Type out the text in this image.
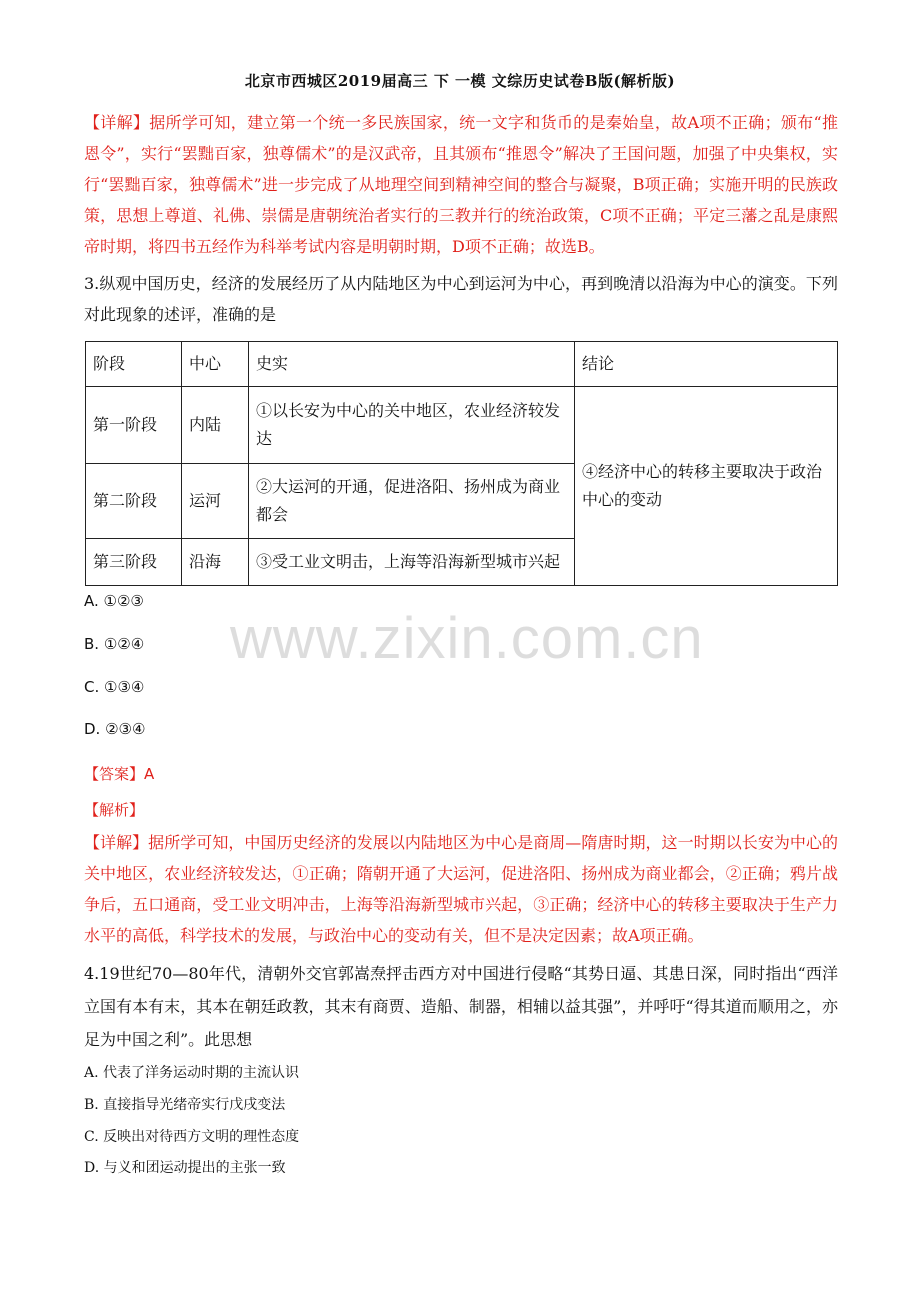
北京市西城区2019届高三 下 一模 文综历史试卷B版(解析版)
【详解】据所学可知，建立第一个统一多民族国家，统一文字和货币的是秦始皇，故A项不正确；颁布“推恩令”，实行“罢黜百家，独尊儒术”的是汉武帝，且其颁布“推恩令”解决了王国问题，加强了中央集权，实行“罢黜百家，独尊儒术”进一步完成了从地理空间到精神空间的整合与凝聚，B项正确；实施开明的民族政策，思想上尊道、礼佛、崇儒是唐朝统治者实行的三教并行的统治政策，C项不正确；平定三藩之乱是康熙帝时期，将四书五经作为科举考试内容是明朝时期，D项不正确；故选B。
3.纵观中国历史，经济的发展经历了从内陆地区为中心到运河为中心，再到晚清以沿海为中心的演变。下列对此现象的述评，准确的是
阶段	中心	史实	结论
第一阶段	内陆	①以长安为中心的关中地区，农业经济较发达	④经济中心的转移主要取决于政治中心的变动
第二阶段	运河	②大运河的开通，促进洛阳、扬州成为商业都会	
第三阶段	沿海	③受工业文明击，上海等沿海新型城市兴起	
www.zixin.com.cn
A. ①②③
B. ①②④
C. ①③④
D. ②③④
【答案】A
【解析】
【详解】据所学可知，中国历史经济的发展以内陆地区为中心是商周—隋唐时期，这一时期以长安为中心的关中地区，农业经济较发达，①正确；隋朝开通了大运河，促进洛阳、扬州成为商业都会，②正确；鸦片战争后，五口通商，受工业文明冲击，上海等沿海新型城市兴起，③正确；经济中心的转移主要取决于生产力水平的高低，科学技术的发展，与政治中心的变动有关，但不是决定因素；故A项正确。
4.19世纪70—80年代，清朝外交官郭嵩焘抨击西方对中国进行侵略“其势日逼、其患日深，同时指出“西洋立国有本有末，其本在朝廷政教，其末有商贾、造船、制器，相辅以益其强”，并呼吁“得其道而顺用之，亦足为中国之利”。此思想
A. 代表了洋务运动时期的主流认识
B. 直接指导光绪帝实行戊戌变法
C. 反映出对待西方文明的理性态度
D. 与义和团运动提出的主张一致
